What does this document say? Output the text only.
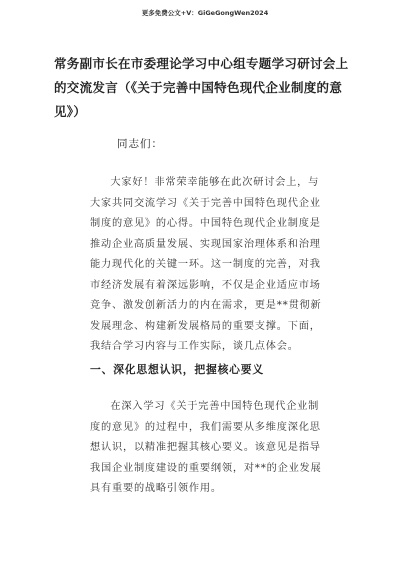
更多免费公文+V：GiGeGongWen2024
常务副市长在市委理论学习中心组专题学习研讨会上的交流发言（《关于完善中国特色现代企业制度的意见》）
同志们：
大家好！非常荣幸能够在此次研讨会上，与大家共同交流学习《关于完善中国特色现代企业制度的意见》的心得。中国特色现代企业制度是推动企业高质量发展、实现国家治理体系和治理能力现代化的关键一环。这一制度的完善，对我市经济发展有着深远影响，不仅是企业适应市场竞争、激发创新活力的内在需求，更是**贯彻新发展理念、构建新发展格局的重要支撑。下面，我结合学习内容与工作实际，谈几点体会。
一、深化思想认识，把握核心要义
在深入学习《关于完善中国特色现代企业制度的意见》的过程中，我们需要从多维度深化思想认识，以精准把握其核心要义。该意见是指导我国企业制度建设的重要纲领，对**的企业发展具有重要的战略引领作用。
